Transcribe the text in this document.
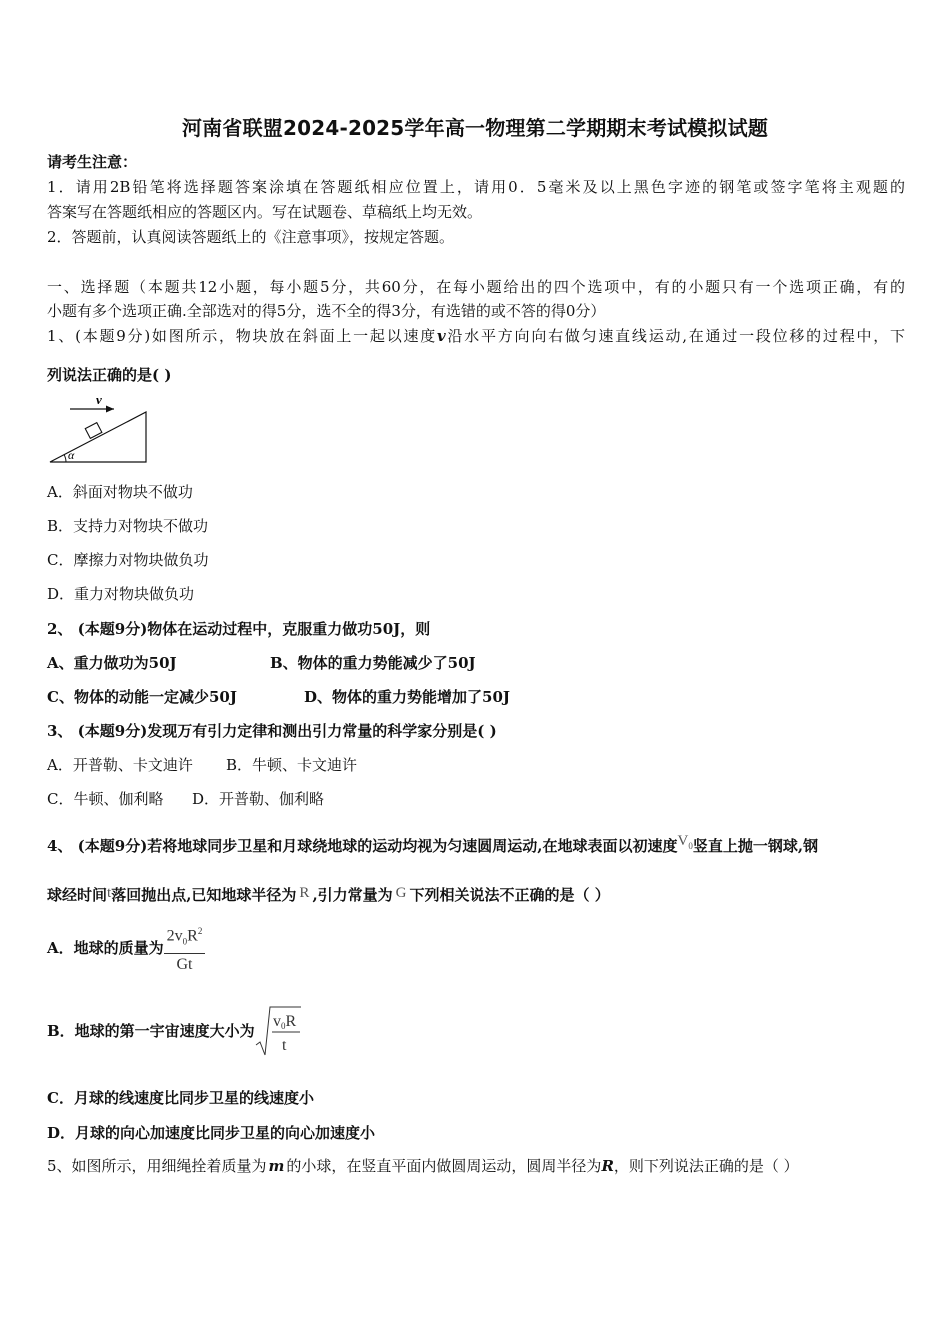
河南省联盟2024-2025学年高一物理第二学期期末考试模拟试题
请考生注意：
1．请用2B铅笔将选择题答案涂填在答题纸相应位置上，请用0．5毫米及以上黑色字迹的钢笔或签字笔将主观题的
答案写在答题纸相应的答题区内。写在试题卷、草稿纸上均无效。
2．答题前，认真阅读答题纸上的《注意事项》，按规定答题。
一、选择题（本题共12小题，每小题5分，共60分，在每小题给出的四个选项中，有的小题只有一个选项正确，有的
小题有多个选项正确.全部选对的得5分，选不全的得3分，有选错的或不答的得0分）
1、(本题9分)如图所示，物块放在斜面上一起以速度v沿水平方向向右做匀速直线运动,在通过一段位移的过程中，下
列说法正确的是( )
v
α
A．斜面对物块不做功
B．支持力对物块不做功
C．摩擦力对物块做负功
D．重力对物块做负功
2、 (本题9分)物体在运动过程中，克服重力做功50J，则
A、重力做功为50J	B、物体的重力势能减少了50J
C、物体的动能一定减少50J	D、物体的重力势能增加了50J
3、 (本题9分)发现万有引力定律和测出引力常量的科学家分别是( )
A．开普勒、卡文迪许 B．牛顿、卡文迪许
C．牛顿、伽利略 D．开普勒、伽利略
4、 (本题9分)若将地球同步卫星和月球绕地球的运动均视为匀速圆周运动,在地球表面以初速度$V_0$竖直上抛一钢球,钢
球经时间t落回抛出点,已知地球半径为 R ,引力常量为 G 下列相关说法不正确的是（ ）
A．地球的质量为 $\frac{2v_0R^2}{Gt}$
B．地球的第一宇宙速度大小为
v0R
t
C．月球的线速度比同步卫星的线速度小
D．月球的向心加速度比同步卫星的向心加速度小
5、如图所示，用细绳拴着质量为 m 的小球，在竖直平面内做圆周运动，圆周半径为R，则下列说法正确的是（ ）
